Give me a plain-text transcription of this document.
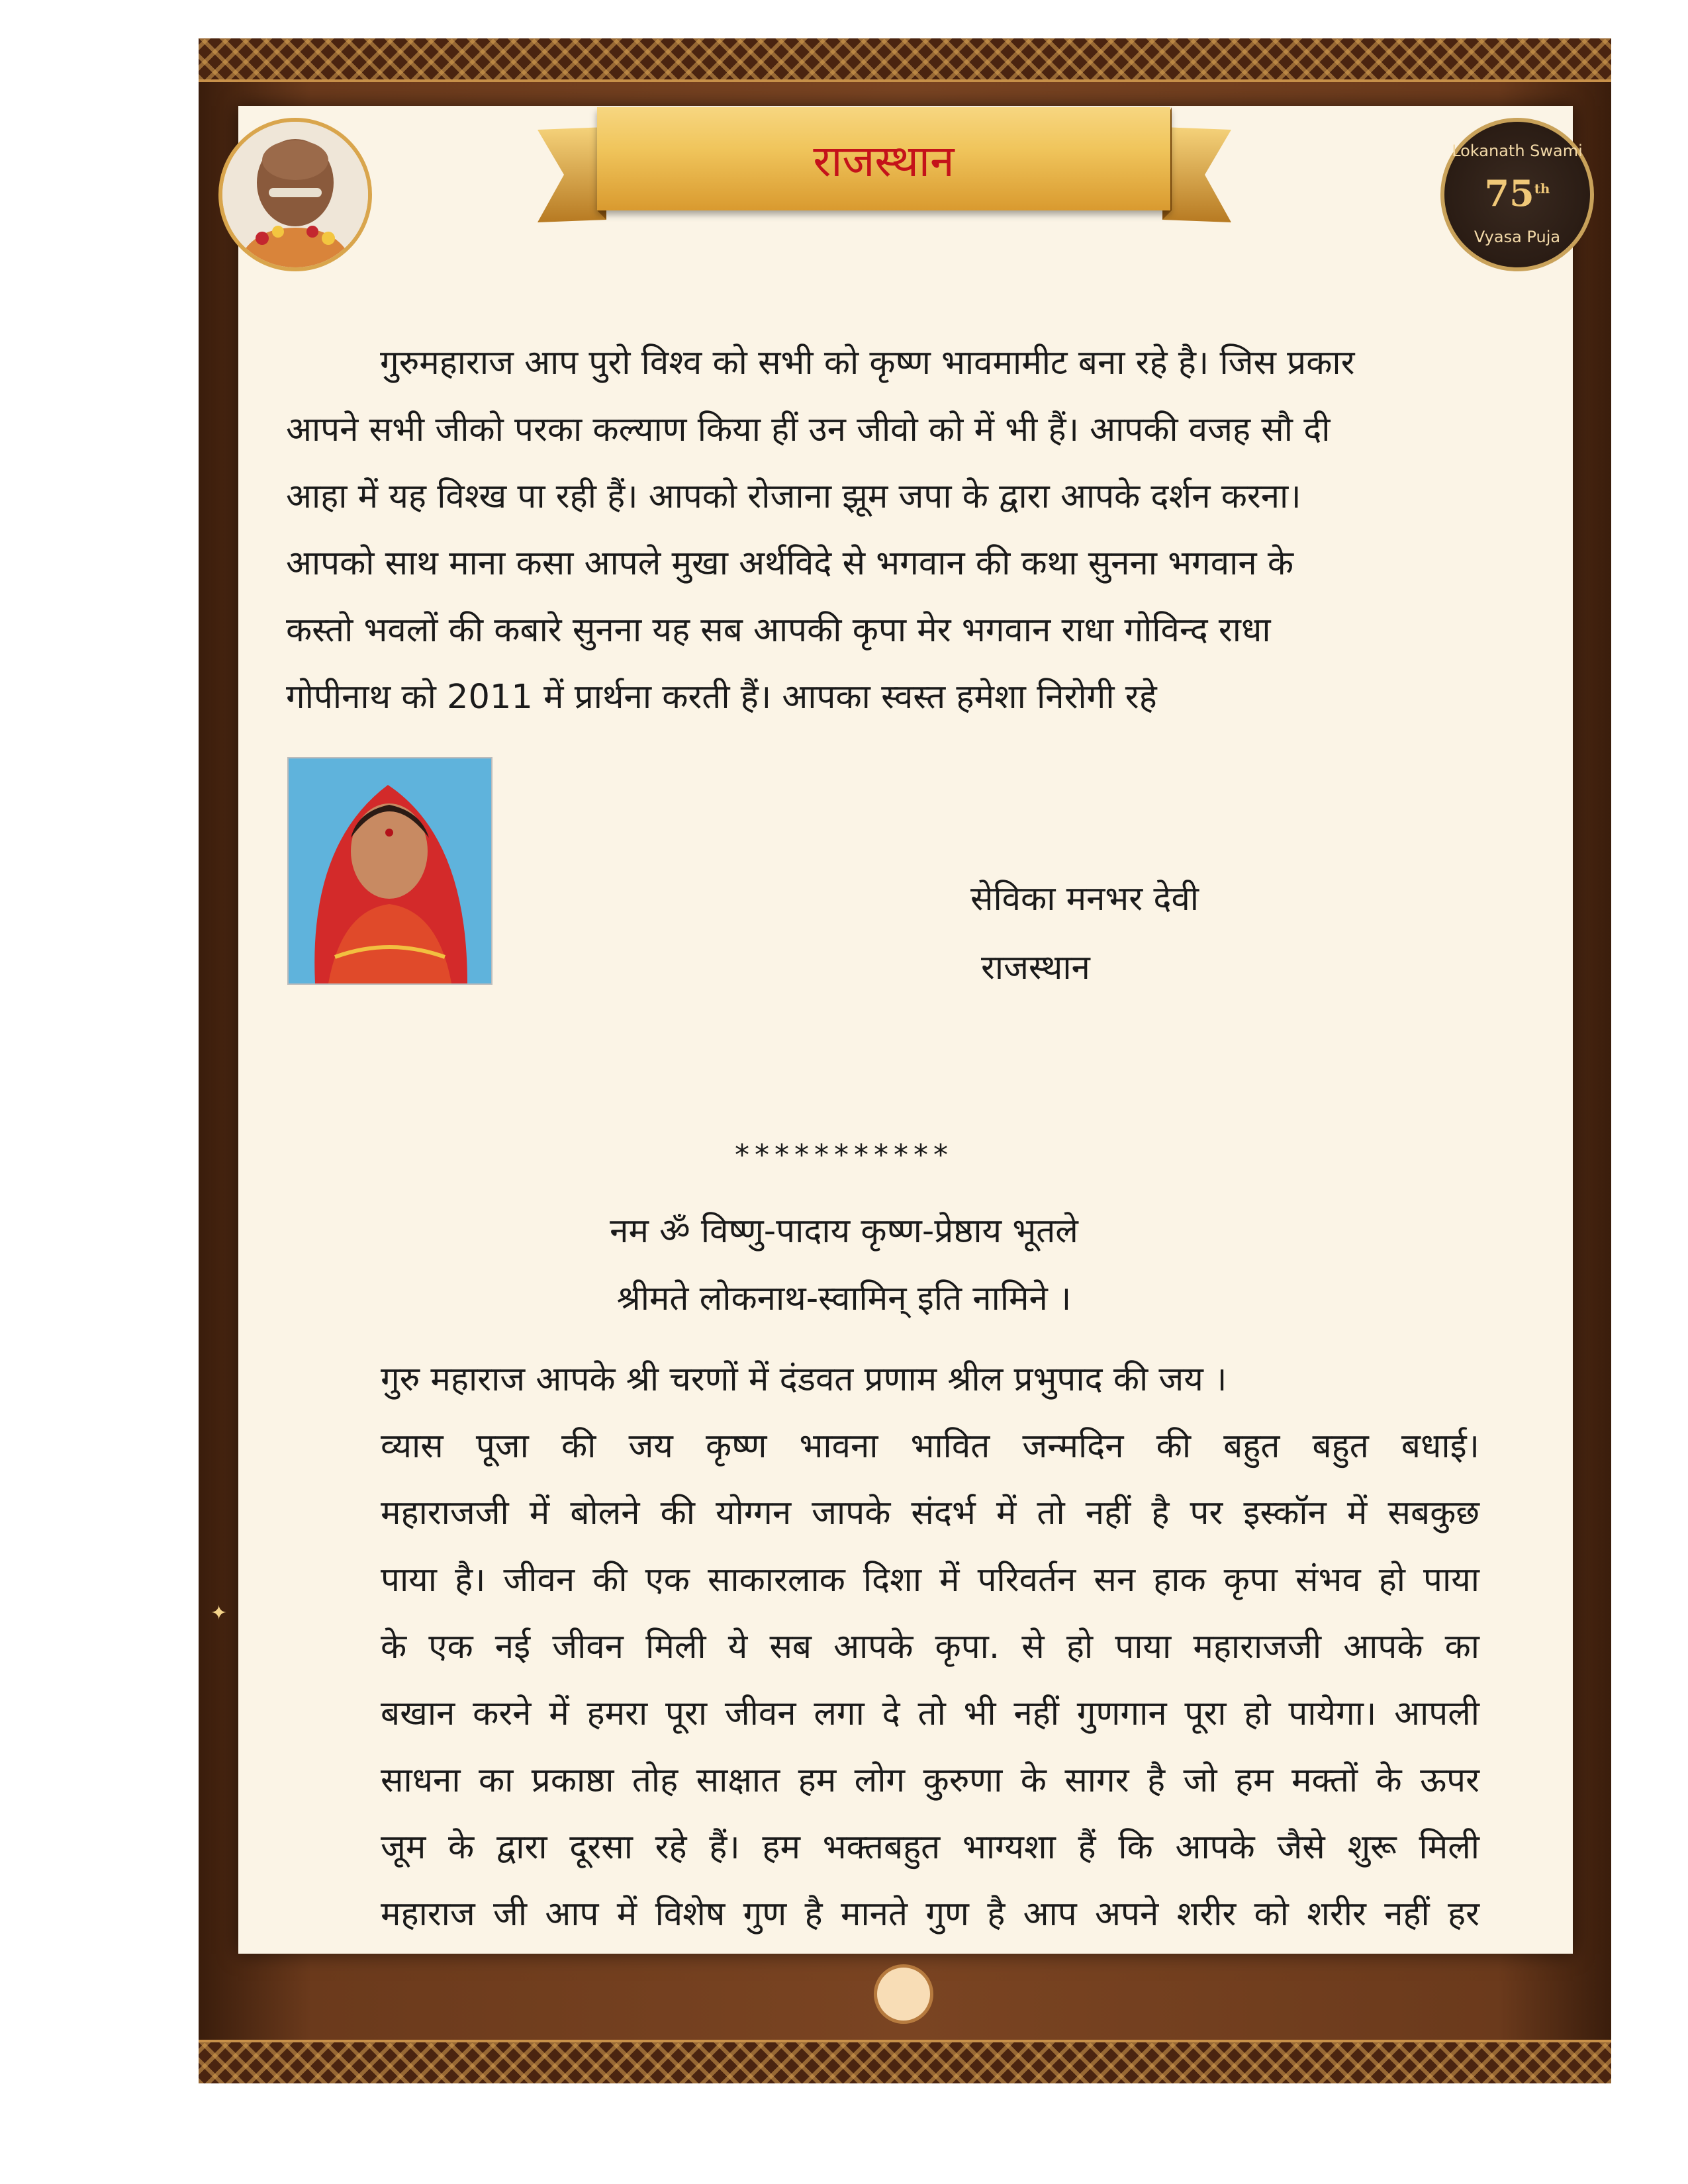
✦
राजस्थान	Lokanath Swami
75th
Vyasa Puja
गुरुमहाराज आप पुरो विश्व को सभी को कृष्ण भावमामीट बना रहे है। जिस प्रकार
आपने सभी जीको परका कल्याण किया हीं उन जीवो को में भी हैं। आपकी वजह सौ दी
आहा में यह विश्ख पा रही हैं। आपको रोजाना झूम जपा के द्वारा आपके दर्शन करना।
आपको साथ माना कसा आपले मुखा अर्थविदे से भगवान की कथा सुनना भगवान के
कस्तो भवलों की कबारे सुनना यह सब आपकी कृपा मेर भगवान राधा गोविन्द राधा
गोपीनाथ को 2011 में प्रार्थना करती हैं। आपका स्वस्त हमेशा निरोगी रहे
सेविका मनभर देवी
राजस्थान
***********
नम ॐ विष्णु-पादाय कृष्ण-प्रेष्ठाय भूतले
श्रीमते लोकनाथ-स्वामिन् इति नामिने ।
गुरु महाराज आपके श्री चरणों में दंडवत प्रणाम श्रील प्रभुपाद की जय ।
व्यास पूजा की जय कृष्ण भावना भावित जन्मदिन की बहुत बहुत बधाई।
महाराजजी में बोलने की योग्गन जापके संदर्भ में तो नहीं है पर इस्कॉन में सबकुछ
पाया है। जीवन की एक साकारलाक दिशा में परिवर्तन सन हाक कृपा संभव हो पाया
के एक नई जीवन मिली ये सब आपके कृपा. से हो पाया महाराजजी आपके का
बखान करने में हमरा पूरा जीवन लगा दे तो भी नहीं गुणगान पूरा हो पायेगा। आपली
साधना का प्रकाष्ठा तोह साक्षात हम लोग कुरुणा के सागर है जो हम मक्तों के ऊपर
जूम के द्वारा दूरसा रहे हैं। हम भक्तबहुत भाग्यशा हैं कि आपके जैसे शुरू मिली
महाराज जी आप में विशेष गुण है मानते गुण है आप अपने शरीर को शरीर नहीं हर
